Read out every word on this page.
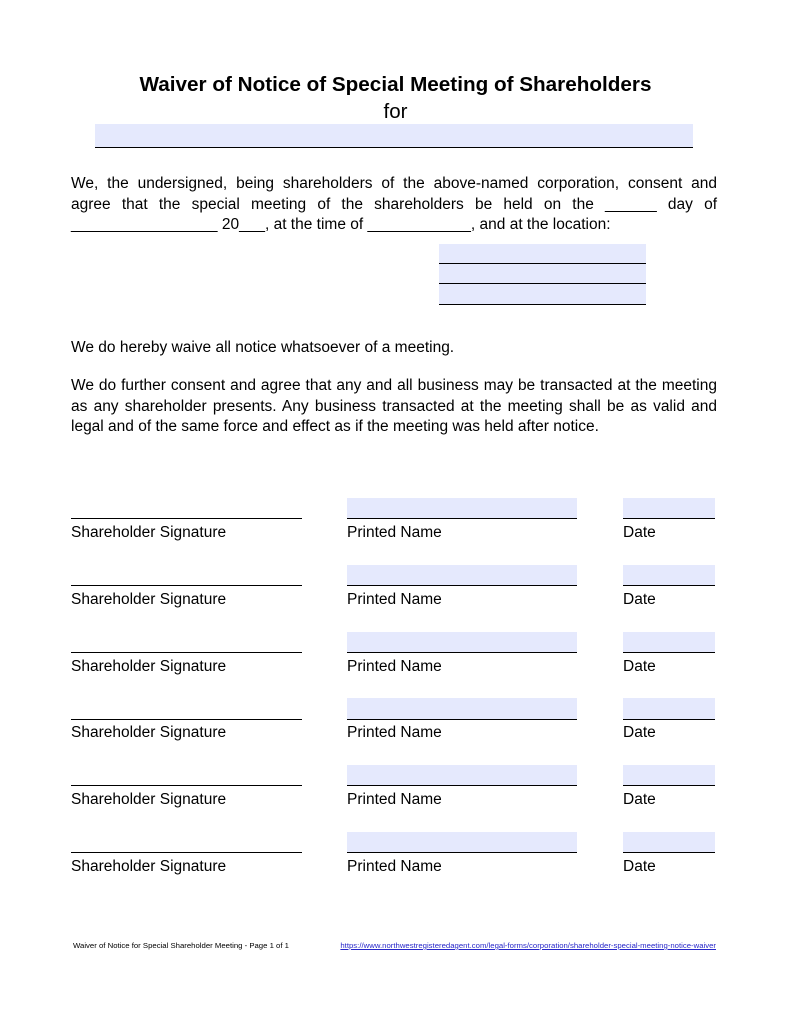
Waiver of Notice of Special Meeting of Shareholders
for
We, the undersigned, being shareholders of the above-named corporation, consent and
agree that the special meeting of the shareholders be held on the ______ day of
_________________ 20___, at the time of ____________, and at the location:
We do hereby waive all notice whatsoever of a meeting.
We do further consent and agree that any and all business may be transacted at the meeting
as any shareholder presents. Any business transacted at the meeting shall be as valid and
legal and of the same force and effect as if the meeting was held after notice.
Shareholder Signature	Printed Name	Date
Shareholder Signature	Printed Name	Date
Shareholder Signature	Printed Name	Date
Shareholder Signature	Printed Name	Date
Shareholder Signature	Printed Name	Date
Shareholder Signature	Printed Name	Date
Waiver of Notice for Special Shareholder Meeting - Page 1 of 1	https://www.northwestregisteredagent.com/legal-forms/corporation/shareholder-special-meeting-notice-waiver
